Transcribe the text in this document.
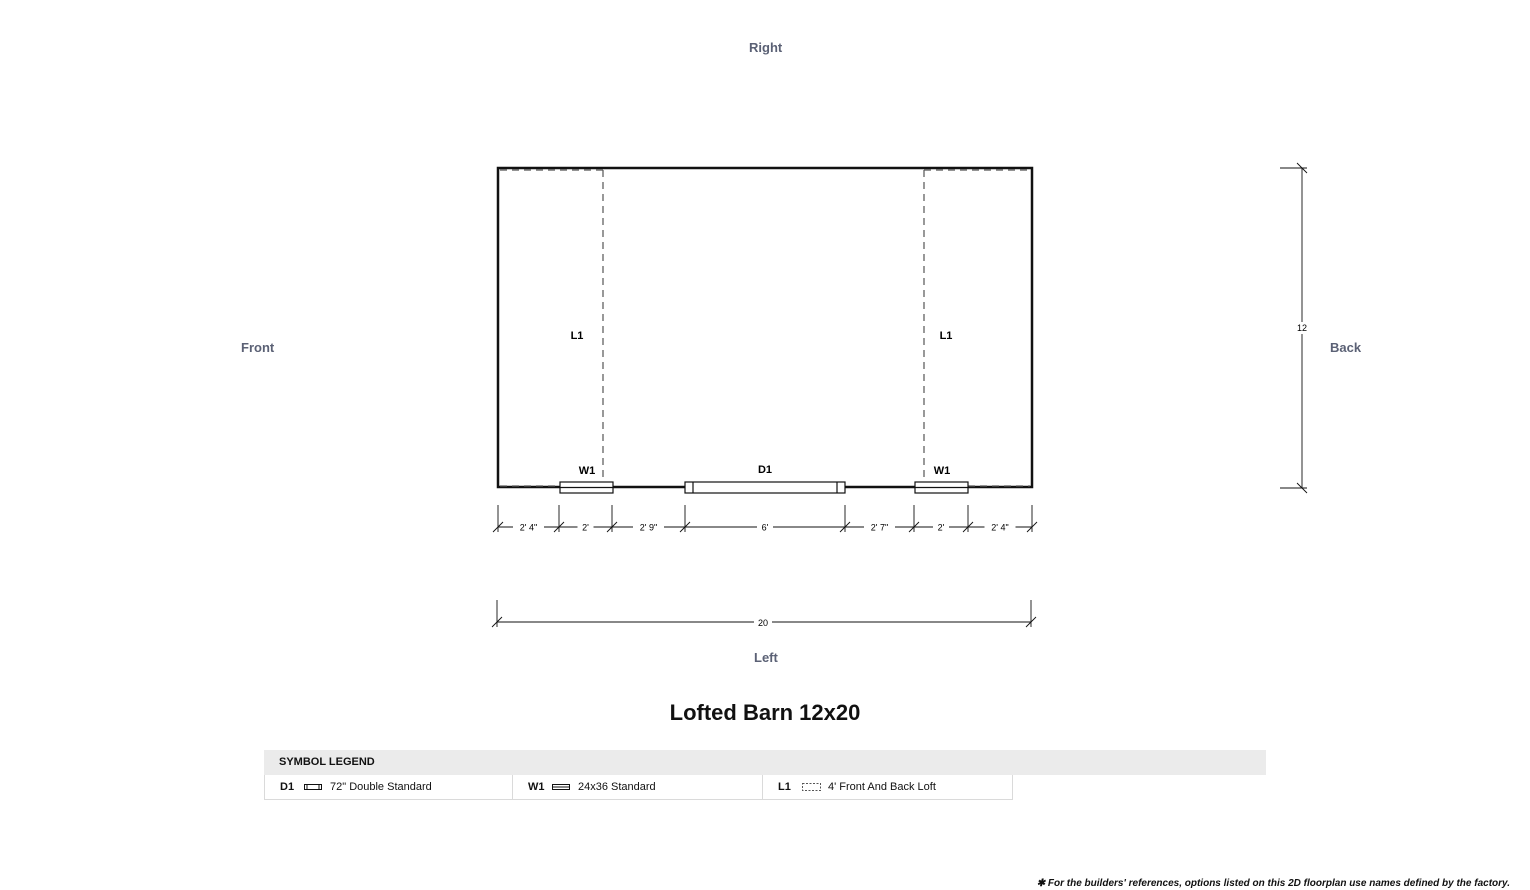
Right
Front	Back
Left
L1	L1
W1	D1	W1
2' 4"	2'	2' 9"	6'	2' 7"	2'	2' 4"
20
12
Lofted Barn 12x20
SYMBOL LEGEND
D1	72" Double Standard	W1	24x36 Standard	L1	4' Front And Back Loft
✱ For the builders' references, options listed on this 2D floorplan use names defined by the factory.
